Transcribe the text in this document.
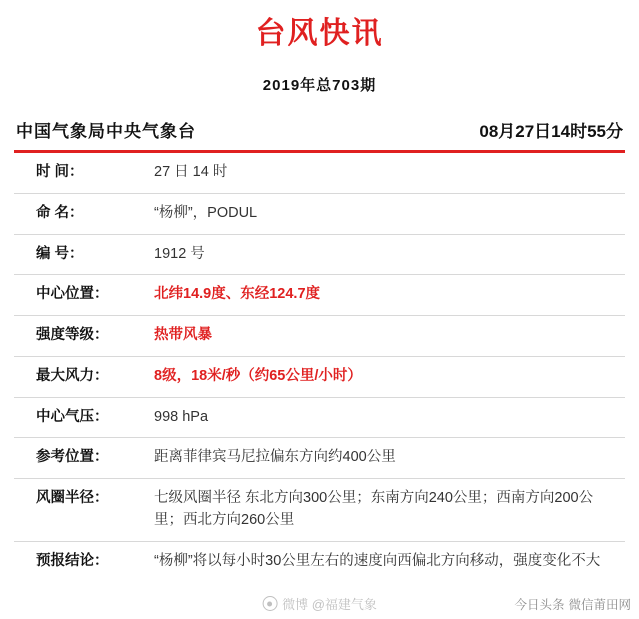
台风快讯
2019年总703期
中国气象局中央气象台	08月27日14时55分
时 间：	27 日 14 时
命 名：	“杨柳”，PODUL
编 号：	1912 号
中心位置：	北纬14.9度、东经124.7度
强度等级：	热带风暴
最大风力：	8级，18米/秒（约65公里/小时）
中心气压：	998 hPa
参考位置：	距离菲律宾马尼拉偏东方向约400公里
风圈半径：	七级风圈半径 东北方向300公里；东南方向240公里；西南方向200公里；西北方向260公里
预报结论：	“杨柳”将以每小时30公里左右的速度向西偏北方向移动，强度变化不大
微博 @福建气象	今日头条 微信莆田网
